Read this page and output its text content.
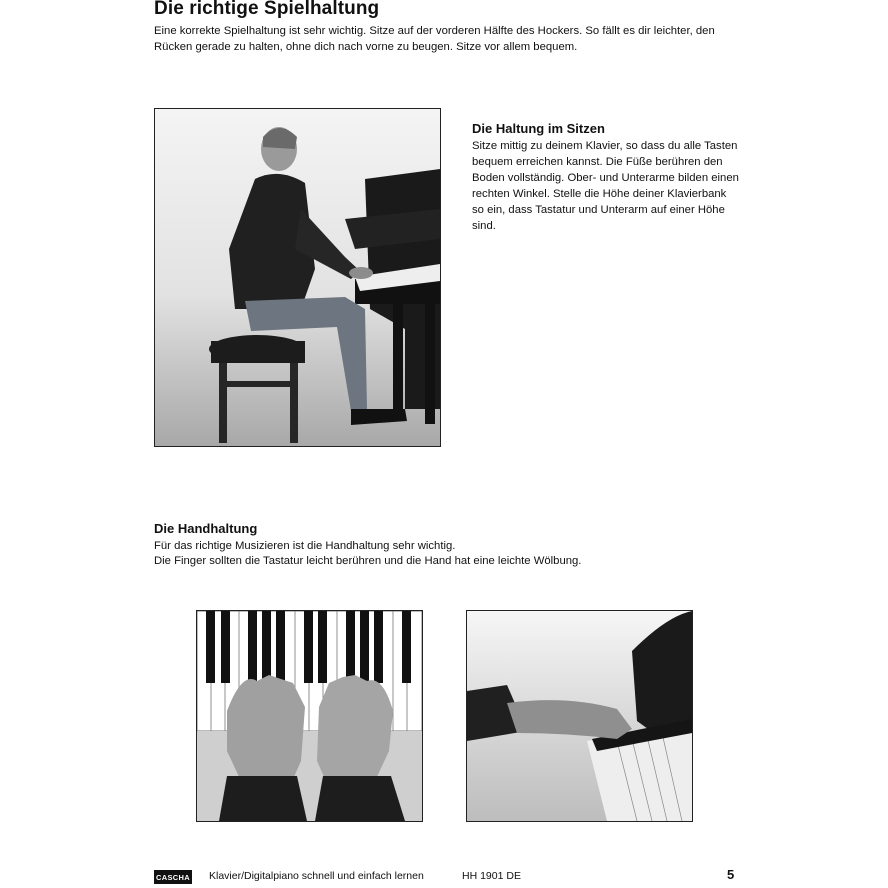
Die richtige Spielhaltung
Eine korrekte Spielhaltung ist sehr wichtig. Sitze auf der vorderen Hälfte des Hockers. So fällt es dir leichter, den Rücken gerade zu halten, ohne dich nach vorne zu beugen. Sitze vor allem bequem.
Die Haltung im Sitzen
Sitze mittig zu deinem Klavier, so dass du alle Tasten bequem erreichen kannst. Die Füße berühren den Boden vollständig. Ober- und Unterarme bilden einen rechten Winkel. Stelle die Höhe deiner Klavierbank so ein, dass Tastatur und Unterarm auf einer Höhe sind.
Die Handhaltung
Für das richtige Musizieren ist die Handhaltung sehr wichtig.
Die Finger sollten die Tastatur leicht berühren und die Hand hat eine leichte Wölbung.
CASCHA Klavier/Digitalpiano schnell und einfach lernen	HH 1901 DE	5
